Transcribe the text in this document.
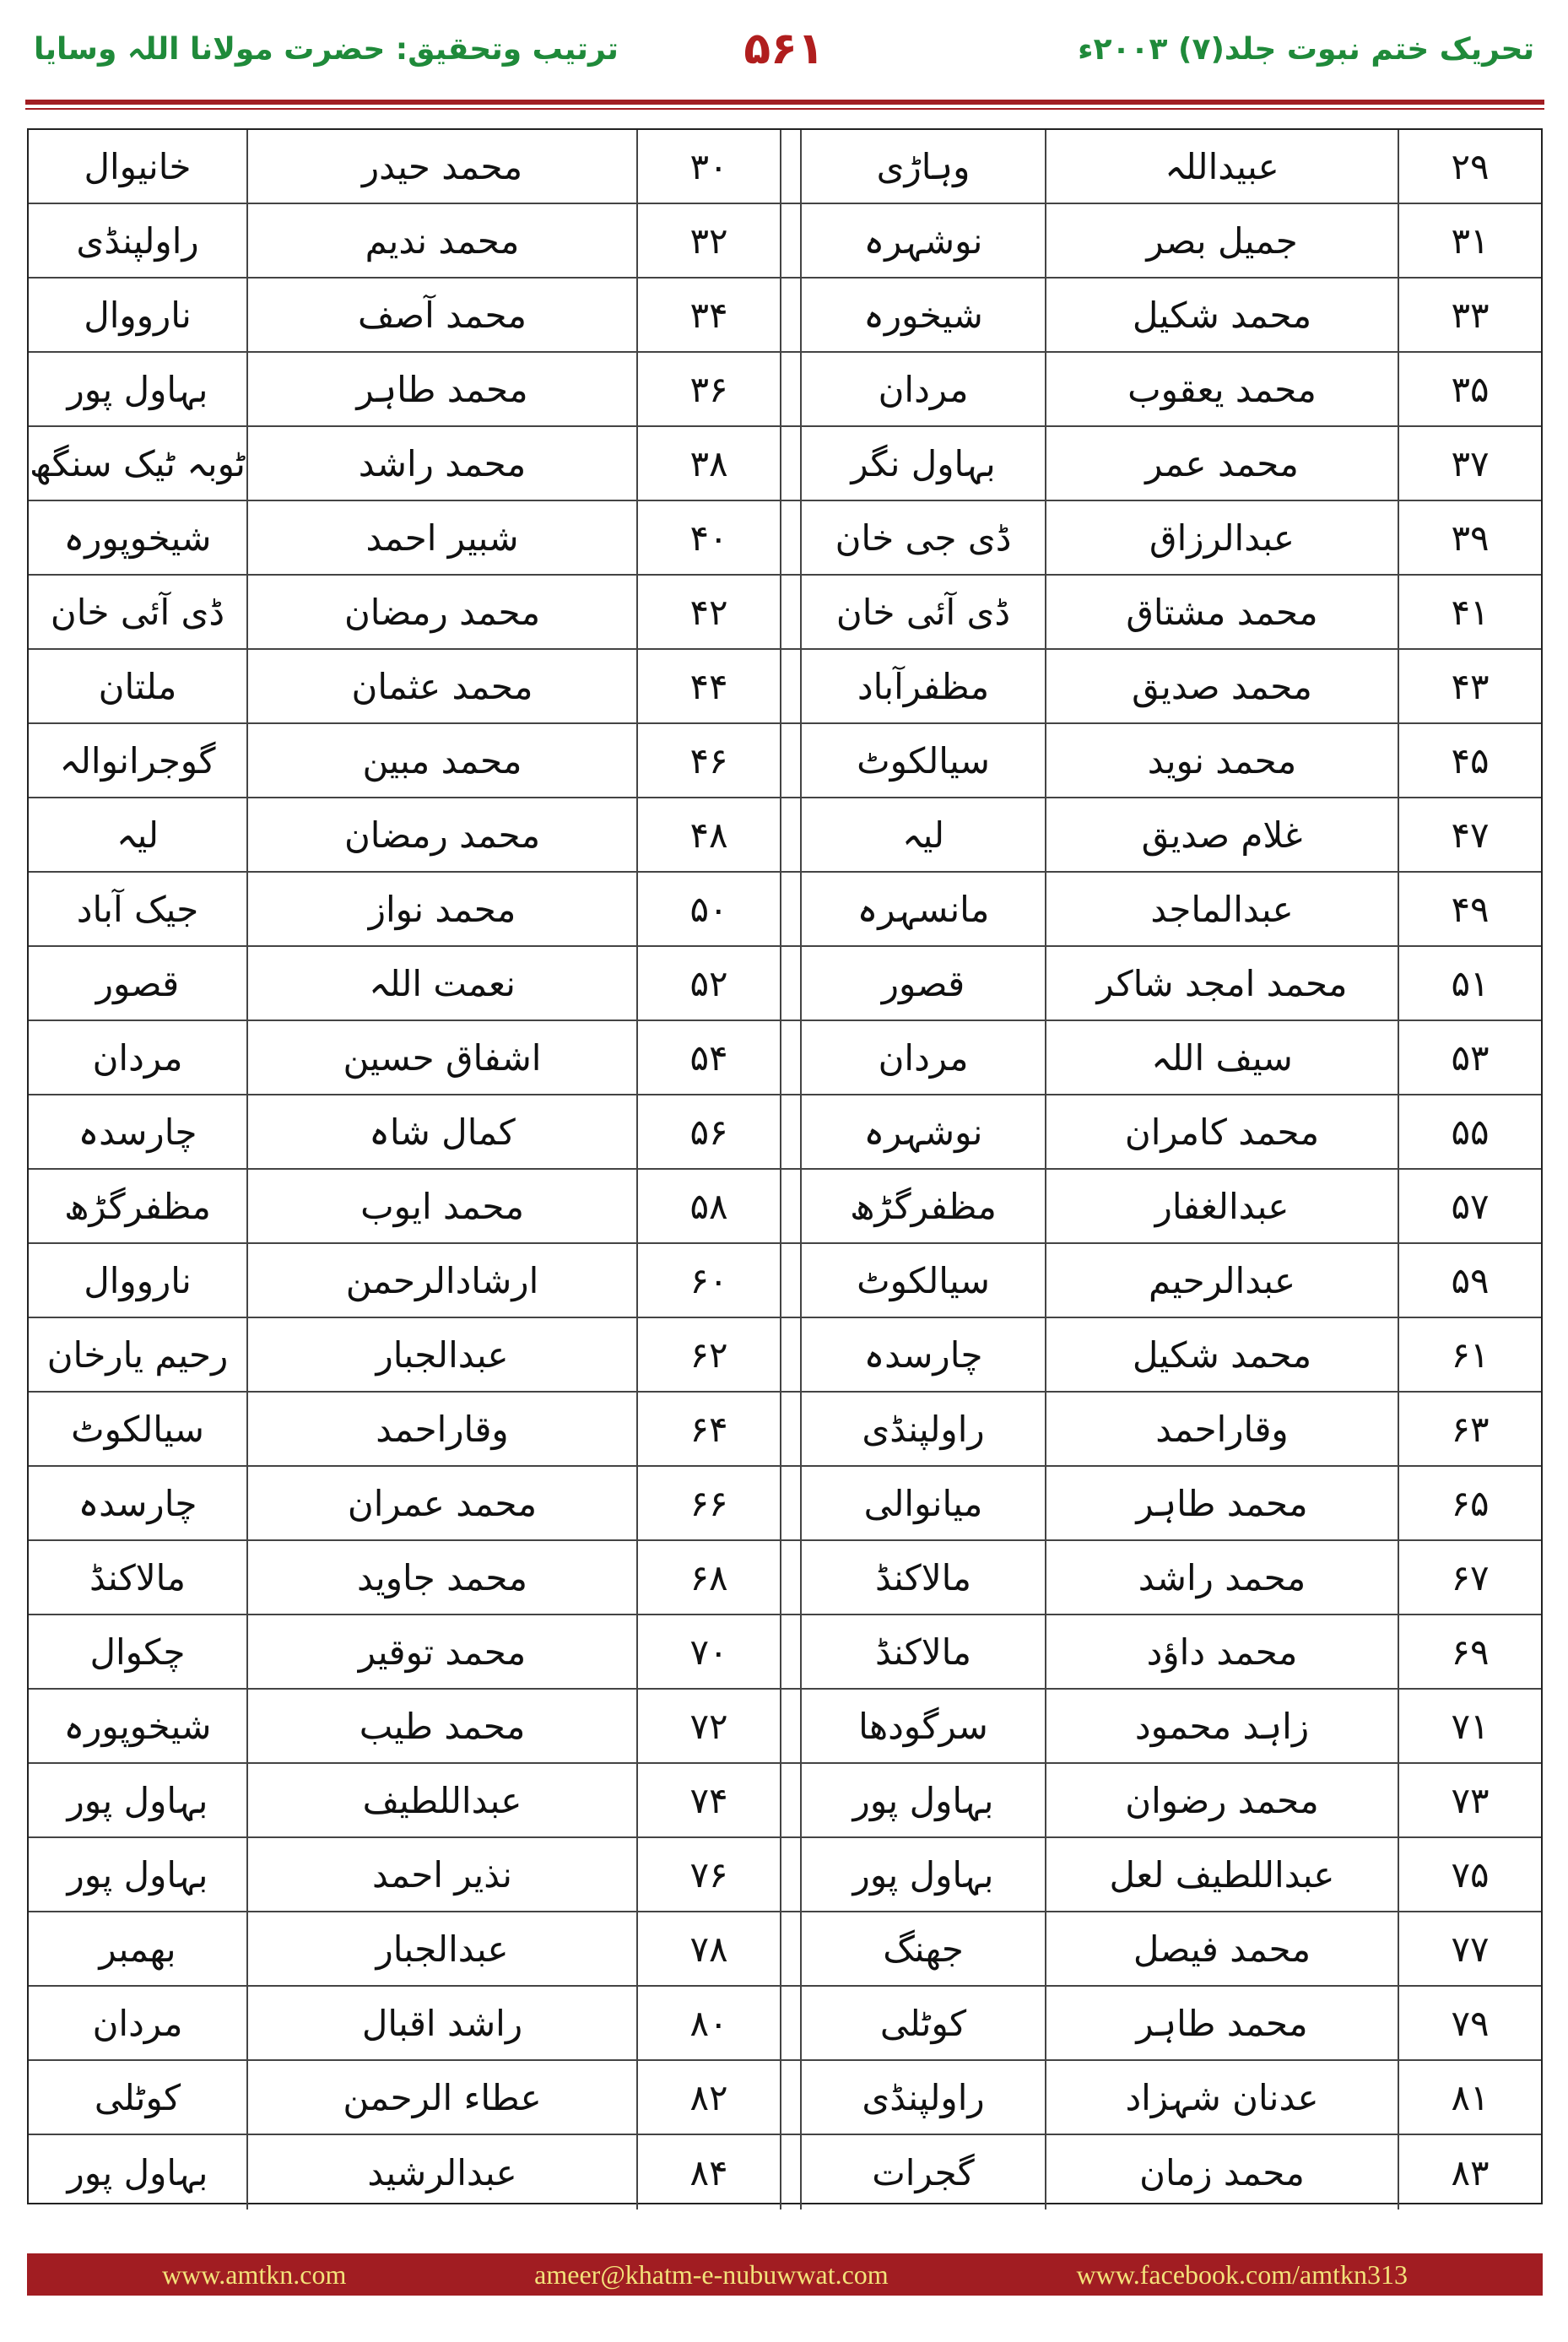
تحریک ختم نبوت جلد(۷) ۲۰۰۳ء
۵۶۱
ترتیب وتحقیق: حضرت مولانا اللہ وسایا
۲۹
عبیداللہ
وہاڑی
۳۰
محمد حیدر
خانیوال
۳۱
جمیل بصر
نوشہرہ
۳۲
محمد ندیم
راولپنڈی
۳۳
محمد شکیل
شیخورہ
۳۴
محمد آصف
نارووال
۳۵
محمد یعقوب
مردان
۳۶
محمد طاہر
بہاول پور
۳۷
محمد عمر
بہاول نگر
۳۸
محمد راشد
ٹوبہ ٹیک سنگھ
۳۹
عبدالرزاق
ڈی جی خان
۴۰
شبیر احمد
شیخوپورہ
۴۱
محمد مشتاق
ڈی آئی خان
۴۲
محمد رمضان
ڈی آئی خان
۴۳
محمد صدیق
مظفرآباد
۴۴
محمد عثمان
ملتان
۴۵
محمد نوید
سیالکوٹ
۴۶
محمد مبین
گوجرانوالہ
۴۷
غلام صدیق
لیہ
۴۸
محمد رمضان
لیہ
۴۹
عبدالماجد
مانسہرہ
۵۰
محمد نواز
جیک آباد
۵۱
محمد امجد شاکر
قصور
۵۲
نعمت اللہ
قصور
۵۳
سیف اللہ
مردان
۵۴
اشفاق حسین
مردان
۵۵
محمد کامران
نوشہرہ
۵۶
کمال شاہ
چارسدہ
۵۷
عبدالغفار
مظفرگڑھ
۵۸
محمد ایوب
مظفرگڑھ
۵۹
عبدالرحیم
سیالکوٹ
۶۰
ارشادالرحمن
نارووال
۶۱
محمد شکیل
چارسدہ
۶۲
عبدالجبار
رحیم یارخان
۶۳
وقاراحمد
راولپنڈی
۶۴
وقاراحمد
سیالکوٹ
۶۵
محمد طاہر
میانوالی
۶۶
محمد عمران
چارسدہ
۶۷
محمد راشد
مالاکنڈ
۶۸
محمد جاوید
مالاکنڈ
۶۹
محمد داؤد
مالاکنڈ
۷۰
محمد توقیر
چکوال
۷۱
زاہد محمود
سرگودھا
۷۲
محمد طیب
شیخوپورہ
۷۳
محمد رضوان
بہاول پور
۷۴
عبداللطیف
بہاول پور
۷۵
عبداللطیف لعل
بہاول پور
۷۶
نذیر احمد
بہاول پور
۷۷
محمد فیصل
جھنگ
۷۸
عبدالجبار
بھمبر
۷۹
محمد طاہر
کوٹلی
۸۰
راشد اقبال
مردان
۸۱
عدنان شہزاد
راولپنڈی
۸۲
عطاء الرحمن
کوٹلی
۸۳
محمد زمان
گجرات
۸۴
عبدالرشید
بہاول پور
www.amtkn.com	ameer@khatm-e-nubuwwat.com	www.facebook.com/amtkn313
